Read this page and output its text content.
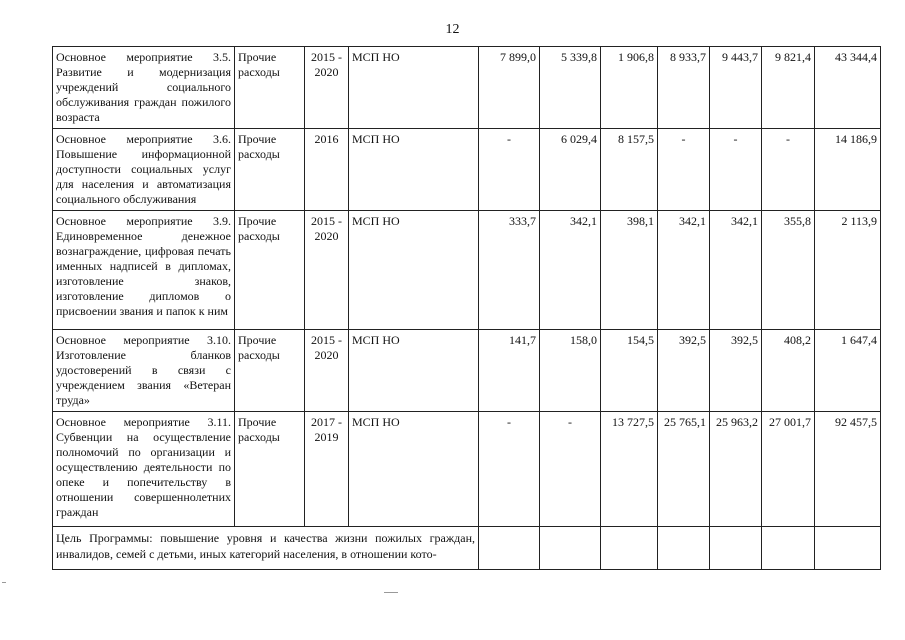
12
Основное мероприятие 3.5. Развитие и модернизация учреждений социального обслуживания граждан пожилого возраста	Прочие расходы	2015 - 2020	МСП НО	7 899,0	5 339,8	1 906,8	8 933,7	9 443,7	9 821,4	43 344,4
Основное мероприятие 3.6. Повышение информационной доступности социальных услуг для населения и автоматизация социального обслуживания	Прочие расходы	2016	МСП НО	-	6 029,4	8 157,5	-	-	-	14 186,9
Основное мероприятие 3.9. Единовременное денежное вознаграждение, цифровая печать именных надписей в дипломах, изготовление знаков, изготовление дипломов о присвоении звания и папок к ним	Прочие расходы	2015 - 2020	МСП НО	333,7	342,1	398,1	342,1	342,1	355,8	2 113,9
Основное мероприятие 3.10. Изготовление бланков удостоверений в связи с учреждением звания «Ветеран труда»	Прочие расходы	2015 - 2020	МСП НО	141,7	158,0	154,5	392,5	392,5	408,2	1 647,4
Основное мероприятие 3.11. Субвенции на осуществление полномочий по организации и осуществлению деятельности по опеке и попечительству в отношении совершеннолетних граждан	Прочие расходы	2017 - 2019	МСП НО	-	-	13 727,5	25 765,1	25 963,2	27 001,7	92 457,5
Цель Программы: повышение уровня и качества жизни пожилых граждан, инвалидов, семей с детьми, иных категорий населения, в отношении кото-										
